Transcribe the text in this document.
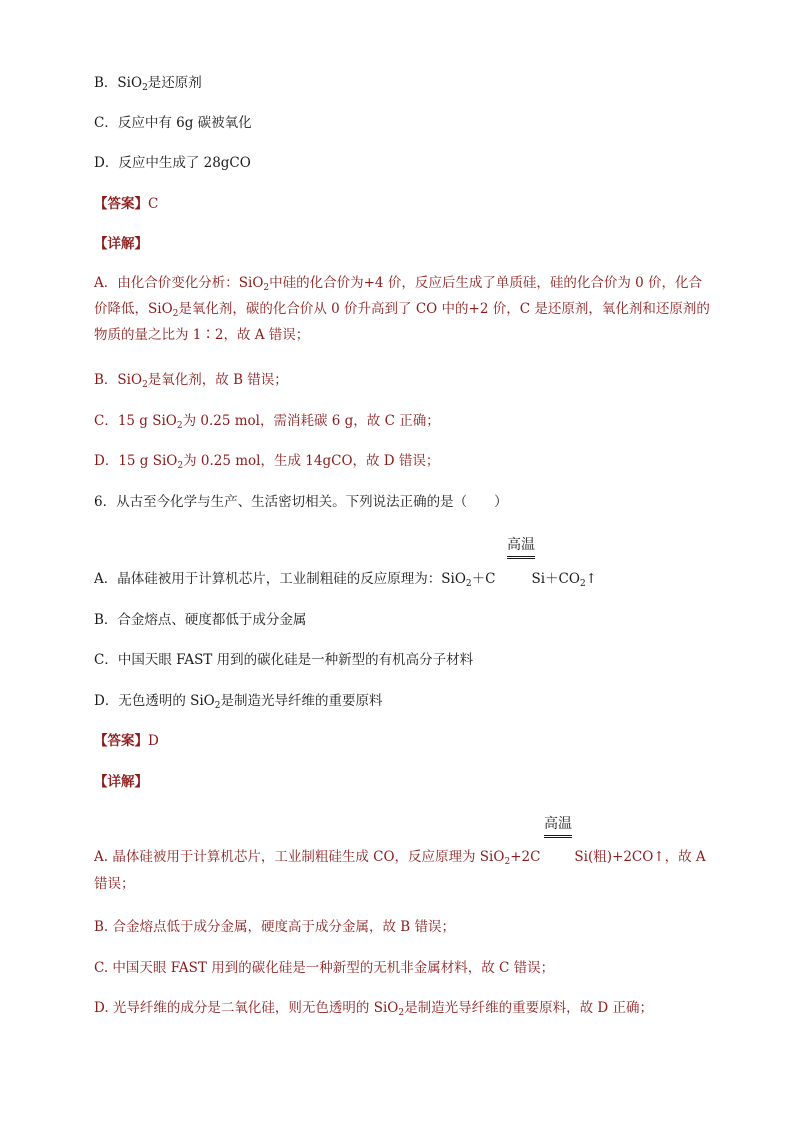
B．SiO$_2$是还原剂
C．反应中有 6g 碳被氧化
D．反应中生成了 28gCO
【答案】C
【详解】
A．由化合价变化分析：SiO$_2$中硅的化合价为+4 价，反应后生成了单质硅，硅的化合价为 0 价，化合价降低，SiO$_2$是氧化剂，碳的化合价从 0 价升高到了 CO 中的+2 价，C 是还原剂，氧化剂和还原剂的物质的量之比为 1∶2，故 A 错误；
B．SiO$_2$是氧化剂，故 B 错误；
C．15 g SiO$_2$为 0.25 mol，需消耗碳 6 g，故 C 正确；
D．15 g SiO$_2$为 0.25 mol，生成 14gCO，故 D 错误；
6．从古至今化学与生产、生活密切相关。下列说法正确的是（　　）
高温
A．晶体硅被用于计算机芯片，工业制粗硅的反应原理为：SiO$_2$＋C	$Si+CO_2↑$
B．合金熔点、硬度都低于成分金属
C．中国天眼 FAST 用到的碳化硅是一种新型的有机高分子材料
D．无色透明的 SiO$_2$是制造光导纤维的重要原料
【答案】D
【详解】
高温
A. 晶体硅被用于计算机芯片，工业制粗硅生成 CO，反应原理为 SiO$_2$+2C	Si(粗)+2CO↑，故 A
错误；
B. 合金熔点低于成分金属，硬度高于成分金属，故 B 错误；
C. 中国天眼 FAST 用到的碳化硅是一种新型的无机非金属材料，故 C 错误；
D. 光导纤维的成分是二氧化硅，则无色透明的 SiO$_2$是制造光导纤维的重要原料，故 D 正确；
